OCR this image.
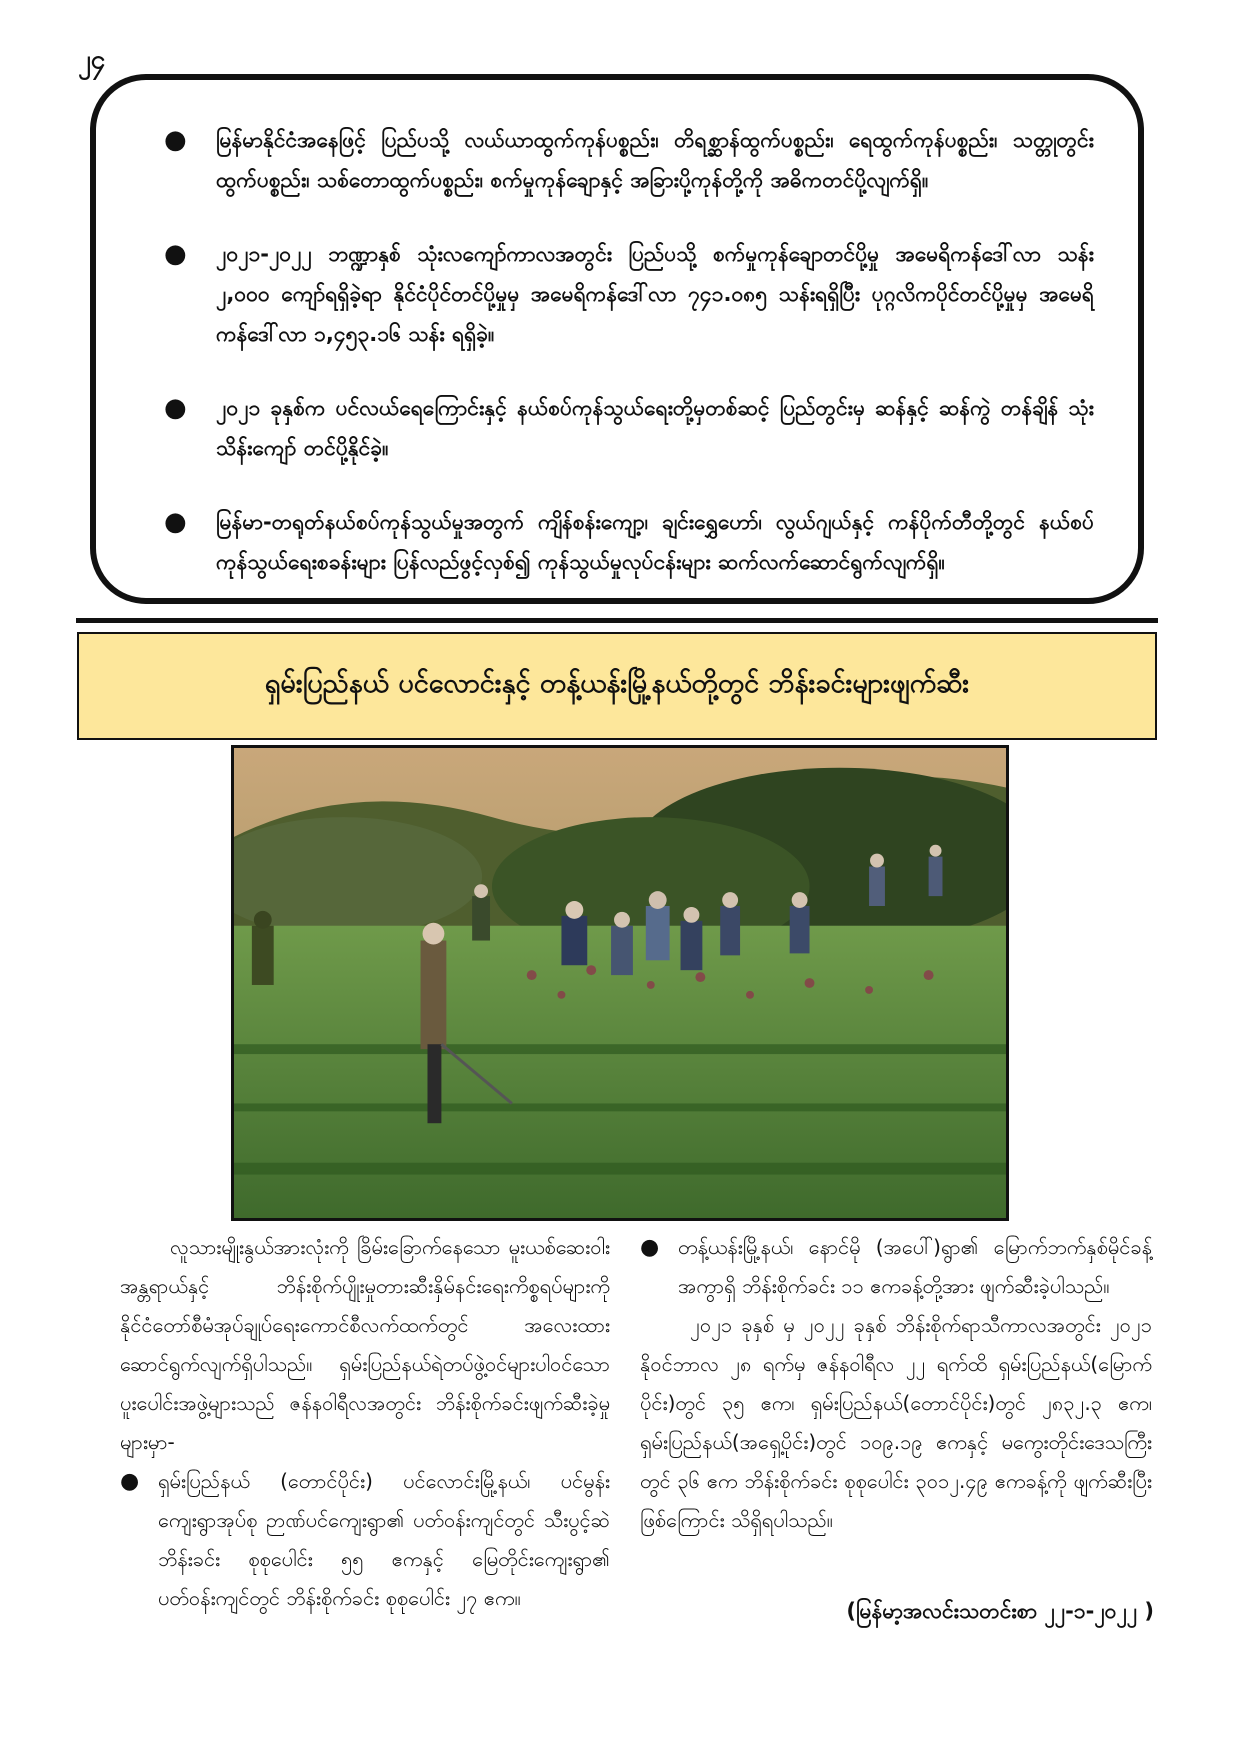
၂၄
● မြန်မာနိုင်ငံအနေဖြင့် ပြည်ပသို့ လယ်ယာထွက်ကုန်ပစ္စည်း၊ တိရစ္ဆာန်ထွက်ပစ္စည်း၊ ရေထွက်ကုန်ပစ္စည်း၊ သတ္တုတွင်းထွက်ပစ္စည်း၊ သစ်တောထွက်ပစ္စည်း၊ စက်မှုကုန်ချောနှင့် အခြားပို့ကုန်တို့ကို အဓိကတင်ပို့လျက်ရှိ။
● ၂၀၂၁-၂၀၂၂ ဘဏ္ဍာနှစ် သုံးလကျော်ကာလအတွင်း ပြည်ပသို့ စက်မှုကုန်ချောတင်ပို့မှု အမေရိကန်ဒေါ်လာ သန်း ၂,၀၀၀ ကျော်ရရှိခဲ့ရာ နိုင်ငံပိုင်တင်ပို့မှုမှ အမေရိကန်ဒေါ်လာ ၇၄၁.၀၈၅ သန်းရရှိပြီး ပုဂ္ဂလိကပိုင်တင်ပို့မှုမှ အမေရိကန်ဒေါ်လာ ၁,၄၅၃.၁၆ သန်း ရရှိခဲ့။
● ၂၀၂၁ ခုနှစ်က ပင်လယ်ရေကြောင်းနှင့် နယ်စပ်ကုန်သွယ်ရေးတို့မှတစ်ဆင့် ပြည်တွင်းမှ ဆန်နှင့် ဆန်ကွဲ တန်ချိန် သုံးသိန်းကျော် တင်ပို့နိုင်ခဲ့။
● မြန်မာ-တရုတ်နယ်စပ်ကုန်သွယ်မှုအတွက် ကျိန်စန်းကျော့၊ ချင်းရွှေဟော်၊ လွယ်ဂျယ်နှင့် ကန်ပိုက်တီတို့တွင် နယ်စပ်ကုန်သွယ်ရေးစခန်းများ ပြန်လည်ဖွင့်လှစ်၍ ကုန်သွယ်မှုလုပ်ငန်းများ ဆက်လက်ဆောင်ရွက်လျက်ရှိ။
ရှမ်းပြည်နယ် ပင်လောင်းနှင့် တန့်ယန်းမြို့နယ်တို့တွင် ဘိန်းခင်းများဖျက်ဆီး

လူသားမျိုးနွယ်အားလုံးကို ခြိမ်းခြောက်နေသော မူးယစ်ဆေးဝါးအန္တရာယ်နှင့် ဘိန်းစိုက်ပျိုးမှုတားဆီးနှိမ်နင်းရေးကိစ္စရပ်များကို နိုင်ငံတော်စီမံအုပ်ချုပ်ရေးကောင်စီလက်ထက်တွင် အလေးထားဆောင်ရွက်လျက်ရှိပါသည်။ ရှမ်းပြည်နယ်ရဲတပ်ဖွဲ့ဝင်များပါဝင်သော ပူးပေါင်းအဖွဲ့များသည် ဇန်နဝါရီလအတွင်း ဘိန်းစိုက်ခင်းဖျက်ဆီးခဲ့မှုများမှာ-

● ရှမ်းပြည်နယ် (တောင်ပိုင်း) ပင်လောင်းမြို့နယ်၊ ပင်မွန်းကျေးရွာအုပ်စု ဉာဏ်ပင်ကျေးရွာ၏ ပတ်ဝန်းကျင်တွင် သီးပွင့်ဆဲဘိန်းခင်း စုစုပေါင်း ၅၅ ဧကနှင့် မြေတိုင်းကျေးရွာ၏ ပတ်ဝန်းကျင်တွင် ဘိန်းစိုက်ခင်း စုစုပေါင်း ၂၇ ဧက။

● တန့်ယန်းမြို့နယ်၊ နောင်မို (အပေါ်)ရွာ၏ မြောက်ဘက်နှစ်မိုင်ခန့်အကွာရှိ ဘိန်းစိုက်ခင်း ၁၁ ဧကခန့်တို့အား ဖျက်ဆီးခဲ့ပါသည်။

၂၀၂၁ ခုနှစ် မှ ၂၀၂၂ ခုနှစ် ဘိန်းစိုက်ရာသီကာလအတွင်း ၂၀၂၁ နိုဝင်ဘာလ ၂၈ ရက်မှ ဇန်နဝါရီလ ၂၂ ရက်ထိ ရှမ်းပြည်နယ်(မြောက်ပိုင်း)တွင် ၃၅ ဧက၊ ရှမ်းပြည်နယ်(တောင်ပိုင်း)တွင် ၂၈၃၂.၃ ဧက၊ ရှမ်းပြည်နယ်(အရှေ့ပိုင်း)တွင် ၁၀၉.၁၉ ဧကနှင့် မကွေးတိုင်းဒေသကြီးတွင် ၃၆ ဧက ဘိန်းစိုက်ခင်း စုစုပေါင်း ၃၀၁၂.၄၉ ဧကခန့်ကို ဖျက်ဆီးပြီးဖြစ်ကြောင်း သိရှိရပါသည်။

(မြန်မာ့အလင်းသတင်းစာ ၂၂-၁-၂၀၂၂ )
